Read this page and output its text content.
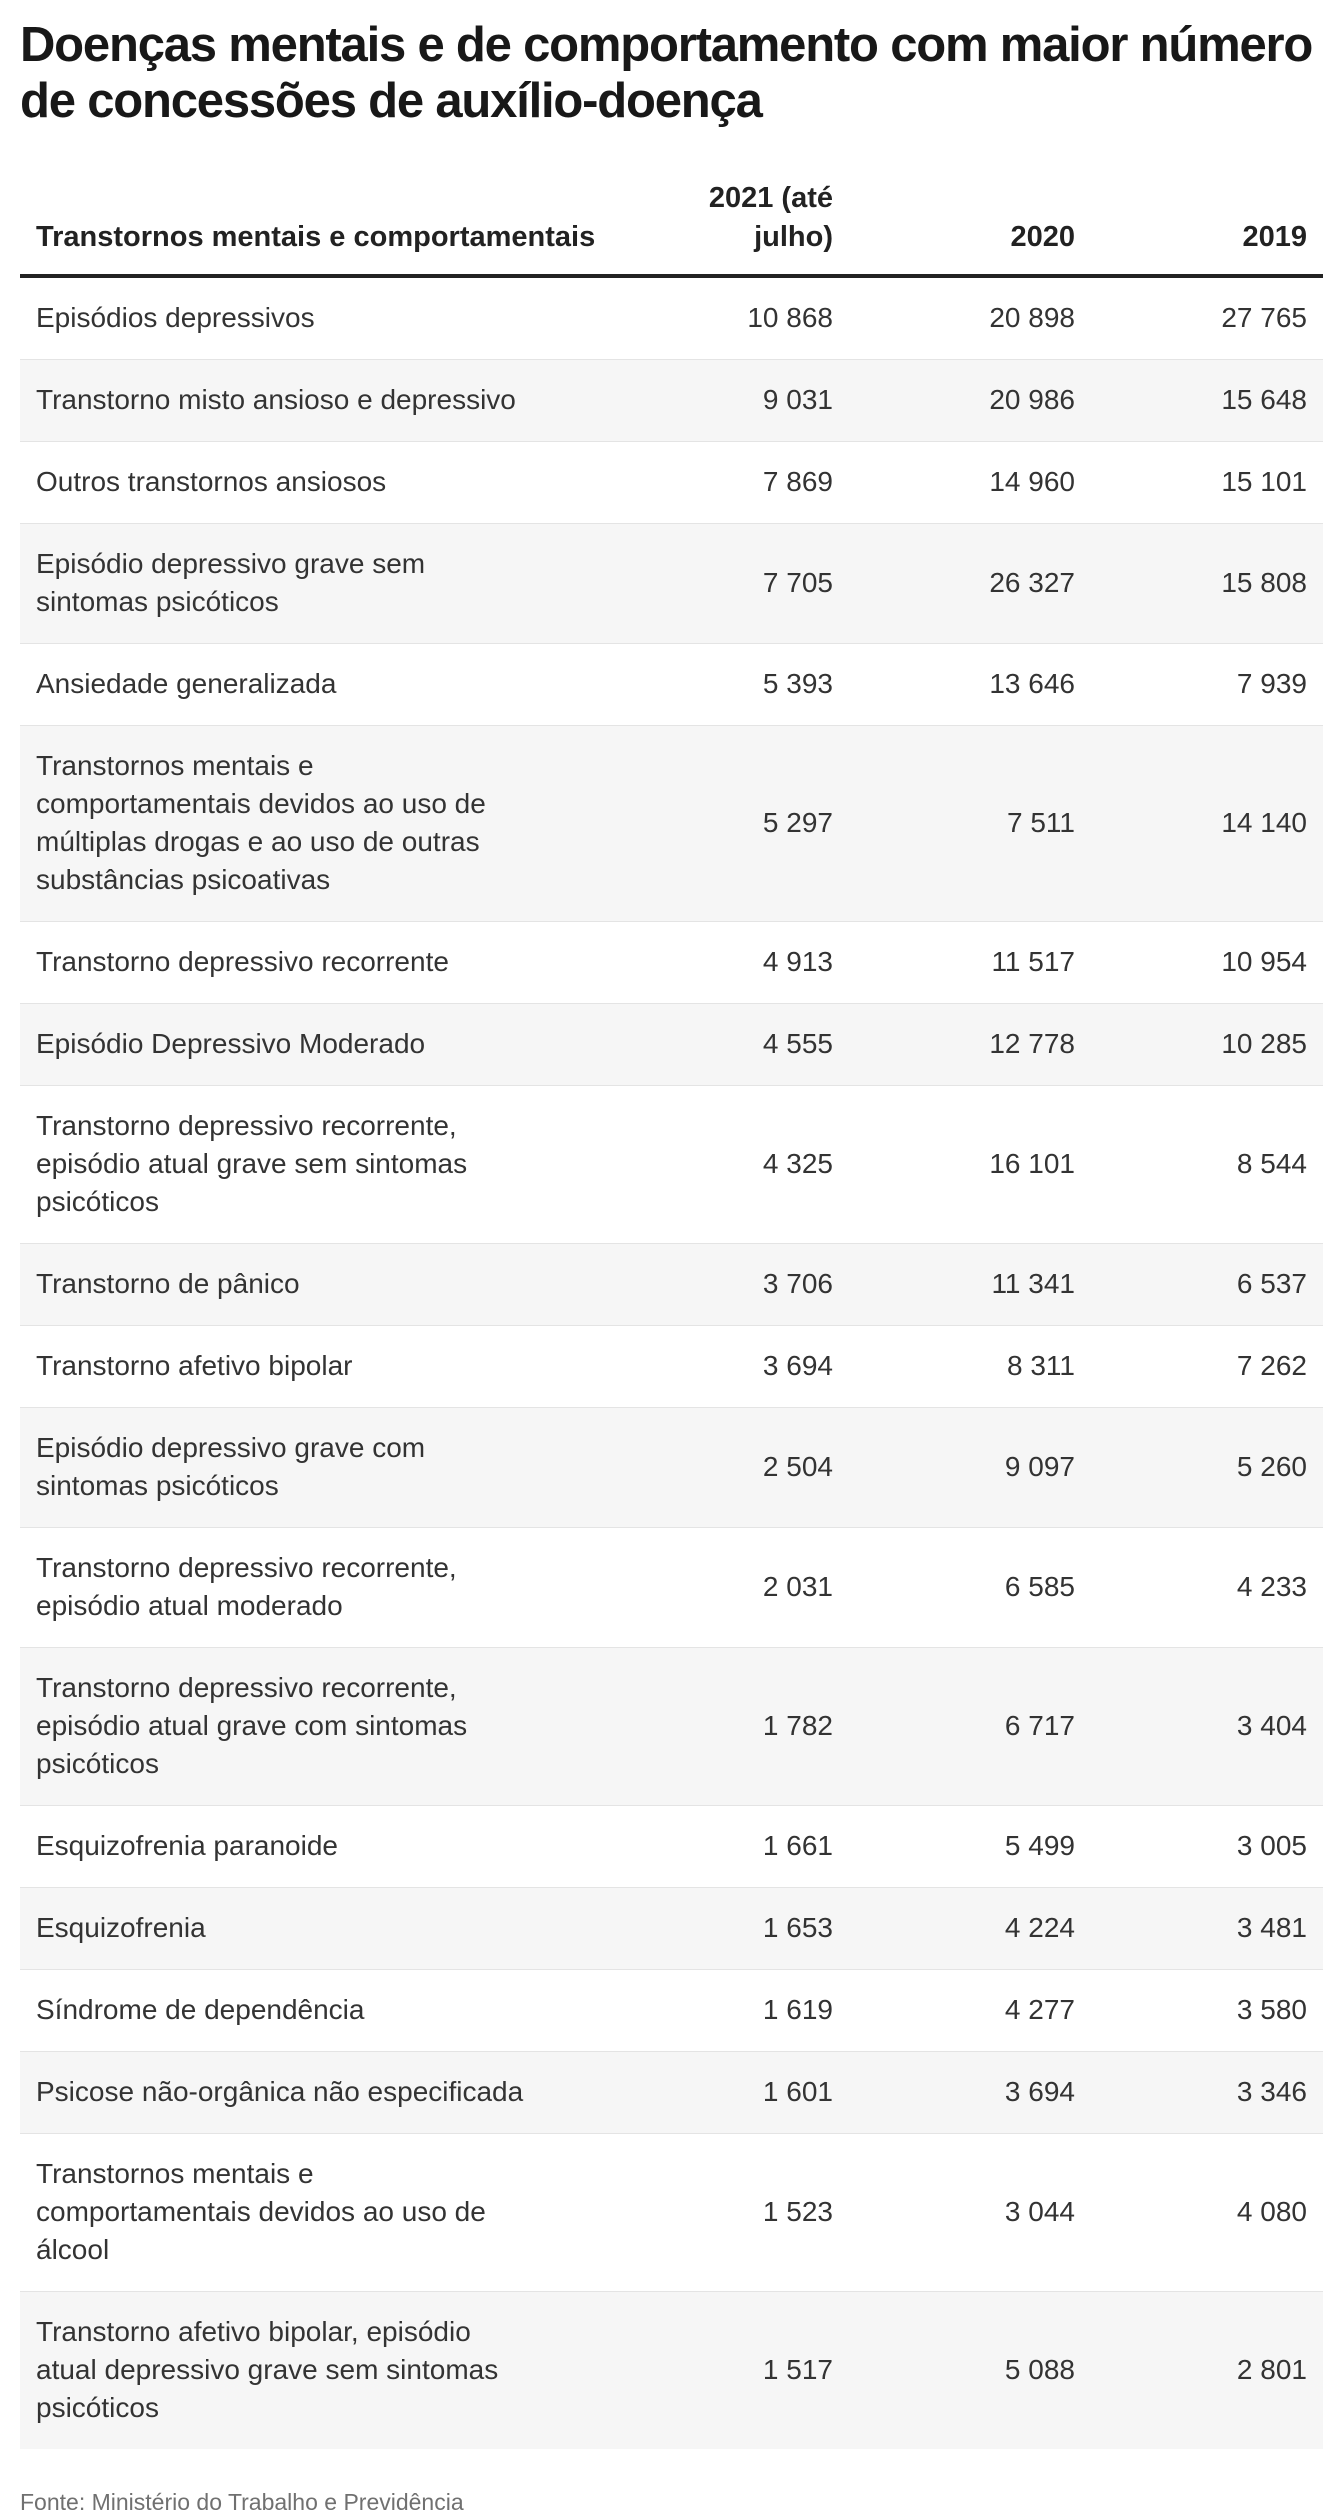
Doenças mentais e de comportamento com maior número de concessões de auxílio-doença
Transtornos mentais e comportamentais	2021 (até julho)	2020	2019
Episódios depressivos	10 868	20 898	27 765
Transtorno misto ansioso e depressivo	9 031	20 986	15 648
Outros transtornos ansiosos	7 869	14 960	15 101
Episódio depressivo grave sem sintomas psicóticos	7 705	26 327	15 808
Ansiedade generalizada	5 393	13 646	7 939
Transtornos mentais e comportamentais devidos ao uso de múltiplas drogas e ao uso de outras substâncias psicoativas	5 297	7 511	14 140
Transtorno depressivo recorrente	4 913	11 517	10 954
Episódio Depressivo Moderado	4 555	12 778	10 285
Transtorno depressivo recorrente, episódio atual grave sem sintomas psicóticos	4 325	16 101	8 544
Transtorno de pânico	3 706	11 341	6 537
Transtorno afetivo bipolar	3 694	8 311	7 262
Episódio depressivo grave com sintomas psicóticos	2 504	9 097	5 260
Transtorno depressivo recorrente, episódio atual moderado	2 031	6 585	4 233
Transtorno depressivo recorrente, episódio atual grave com sintomas psicóticos	1 782	6 717	3 404
Esquizofrenia paranoide	1 661	5 499	3 005
Esquizofrenia	1 653	4 224	3 481
Síndrome de dependência	1 619	4 277	3 580
Psicose não-orgânica não especificada	1 601	3 694	3 346
Transtornos mentais e comportamentais devidos ao uso de álcool	1 523	3 044	4 080
Transtorno afetivo bipolar, episódio atual depressivo grave sem sintomas psicóticos	1 517	5 088	2 801
Fonte: Ministério do Trabalho e Previdência
